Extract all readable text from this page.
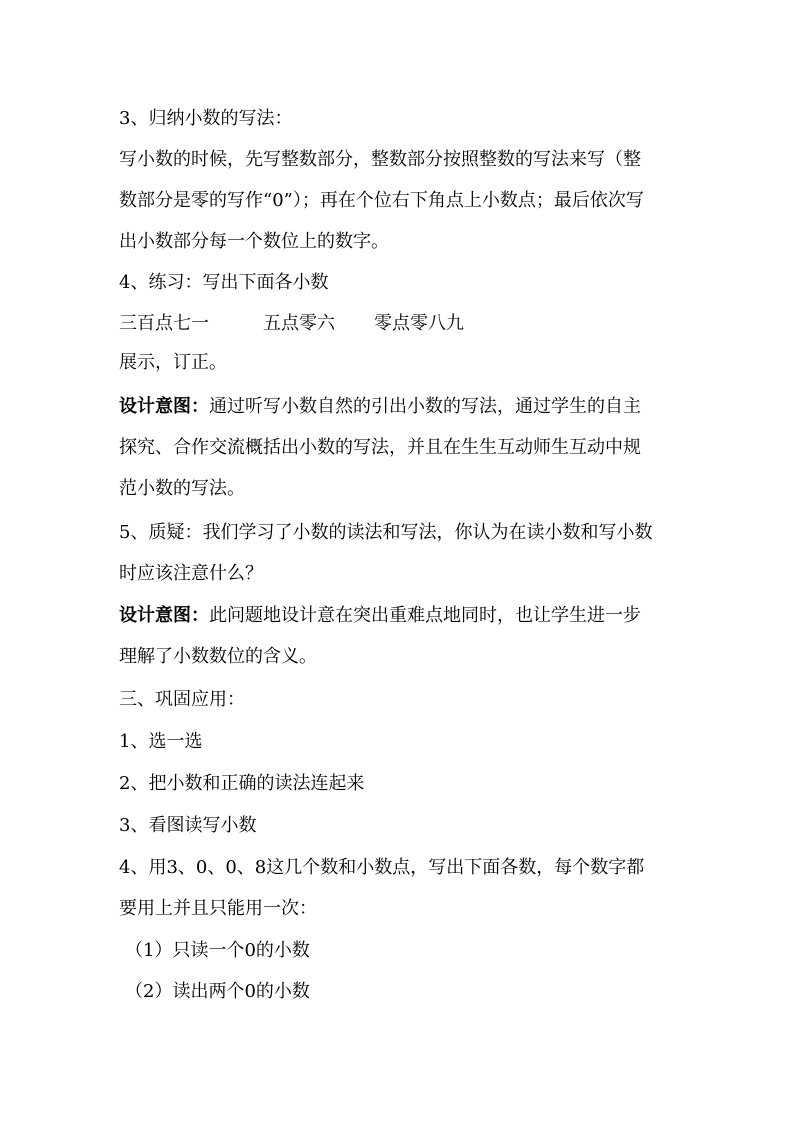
3、归纳小数的写法：
写小数的时候，先写整数部分，整数部分按照整数的写法来写（整
数部分是零的写作“0”）；再在个位右下角点上小数点；最后依次写
出小数部分每一个数位上的数字。
4、练习：写出下面各小数
三百点七一	五点零六 零点零八九
展示，订正。
设计意图：通过听写小数自然的引出小数的写法，通过学生的自主
探究、合作交流概括出小数的写法，并且在生生互动师生互动中规
范小数的写法。
5、质疑：我们学习了小数的读法和写法，你认为在读小数和写小数
时应该注意什么？
设计意图：此问题地设计意在突出重难点地同时，也让学生进一步
理解了小数数位的含义。
三、巩固应用：
1、选一选
2、把小数和正确的读法连起来
3、看图读写小数
4、用3、0、0、8这几个数和小数点，写出下面各数，每个数字都
要用上并且只能用一次：
（1）只读一个0的小数
（2）读出两个0的小数
